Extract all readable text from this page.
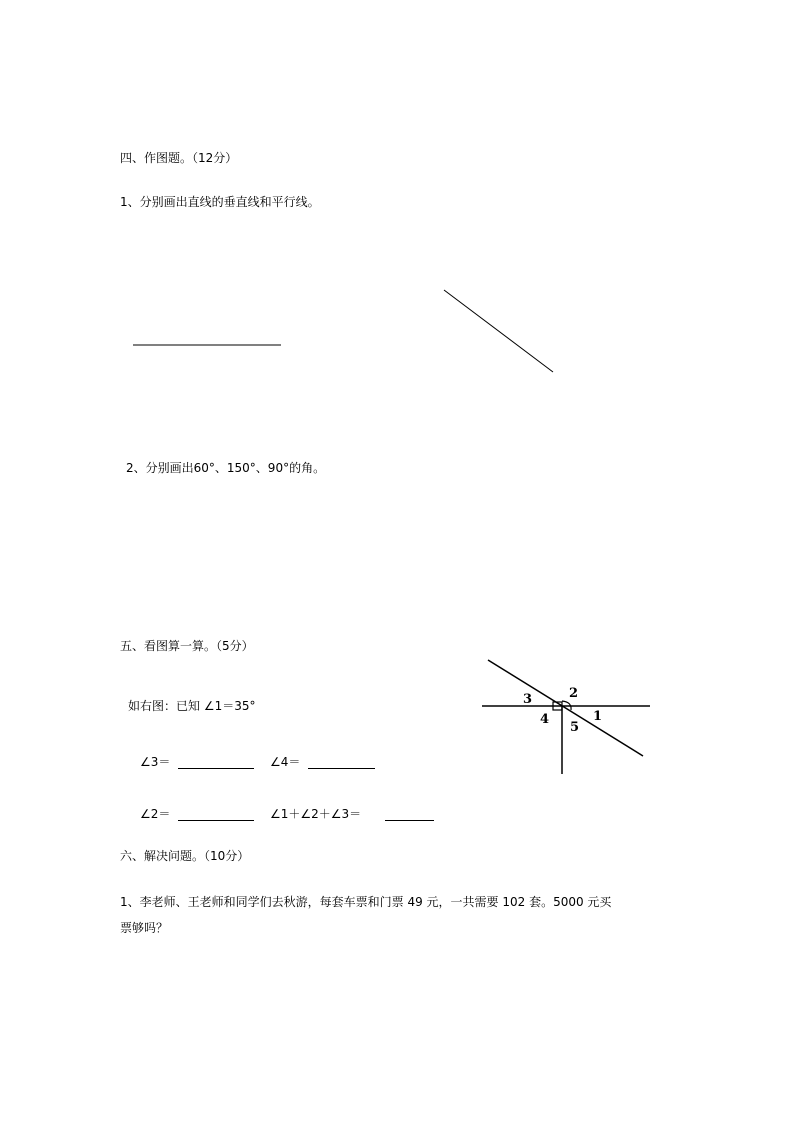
四、作图题。（12分）
1、分别画出直线的垂直线和平行线。
2、分别画出60°、150°、90°的角。
五、看图算一算。（5分）
如右图：已知 ∠1＝35°
∠3＝	∠4＝
∠2＝	∠1＋∠2＋∠3＝
3	2
1
4
5
六、解决问题。（10分）
1、李老师、王老师和同学们去秋游，每套车票和门票 49 元，一共需要 102 套。5000 元买
票够吗？
